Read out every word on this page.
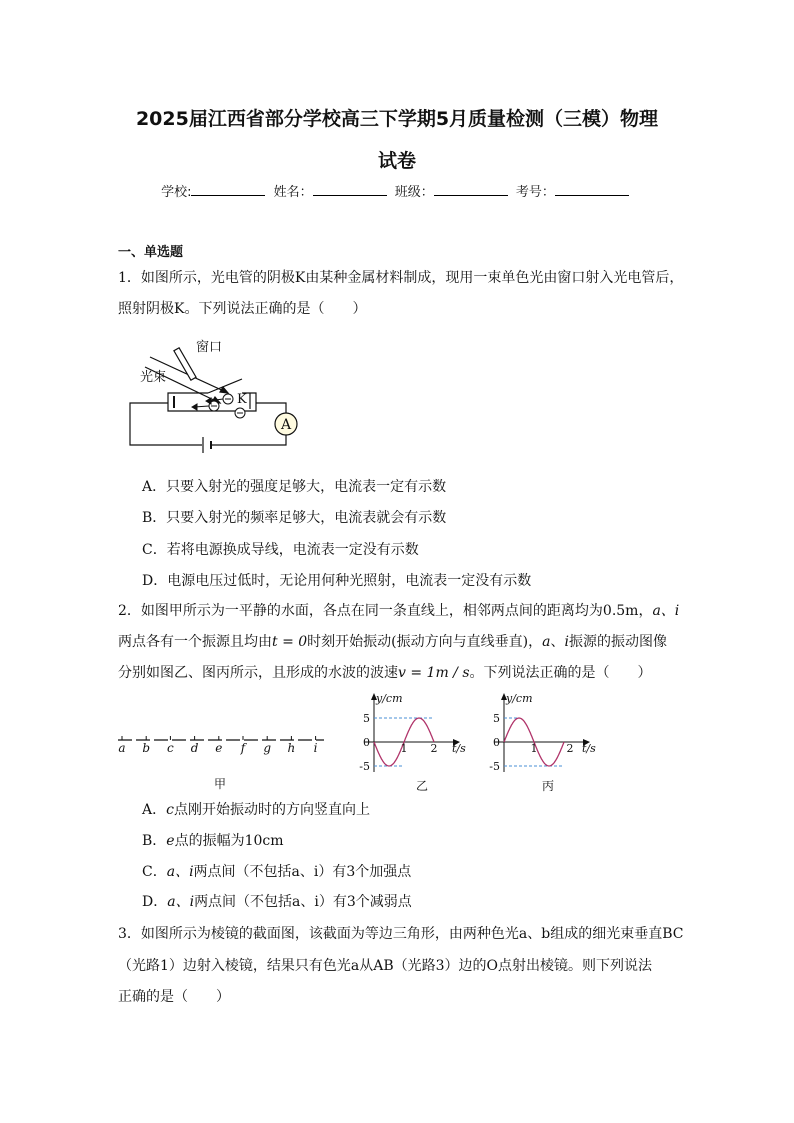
2025届江西省部分学校高三下学期5月质量检测（三模）物理
试卷
学校:	姓名：	班级：	考号：
一、单选题
1．如图所示，光电管的阴极K由某种金属材料制成，现用一束单色光由窗口射入光电管后，
照射阴极K。下列说法正确的是（　　）
K
A
窗口
光束
A．只要入射光的强度足够大，电流表一定有示数
B．只要入射光的频率足够大，电流表就会有示数
C．若将电源换成导线，电流表一定没有示数
D．电源电压过低时，无论用何种光照射，电流表一定没有示数
2．如图甲所示为一平静的水面，各点在同一条直线上，相邻两点间的距离均为0.5m，a、i
两点各有一个振源且均由t = 0时刻开始振动(振动方向与直线垂直)，a、i振源的振动图像
分别如图乙、图丙所示，且形成的水波的波速v = 1m / s。下列说法正确的是（　　）
a b c d e f g h i
甲
y/cm
t/s
5
0
-5
1 2
乙
y/cm
t/s
5
0
-5
1	2
丙
A．c点刚开始振动时的方向竖直向上
B．e点的振幅为10cm
C．a、i两点间（不包括a、i）有3个加强点
D．a、i两点间（不包括a、i）有3个减弱点
3．如图所示为棱镜的截面图，该截面为等边三角形，由两种色光a、b组成的细光束垂直BC
（光路1）边射入棱镜，结果只有色光a从AB（光路3）边的O点射出棱镜。则下列说法
正确的是（　　）
